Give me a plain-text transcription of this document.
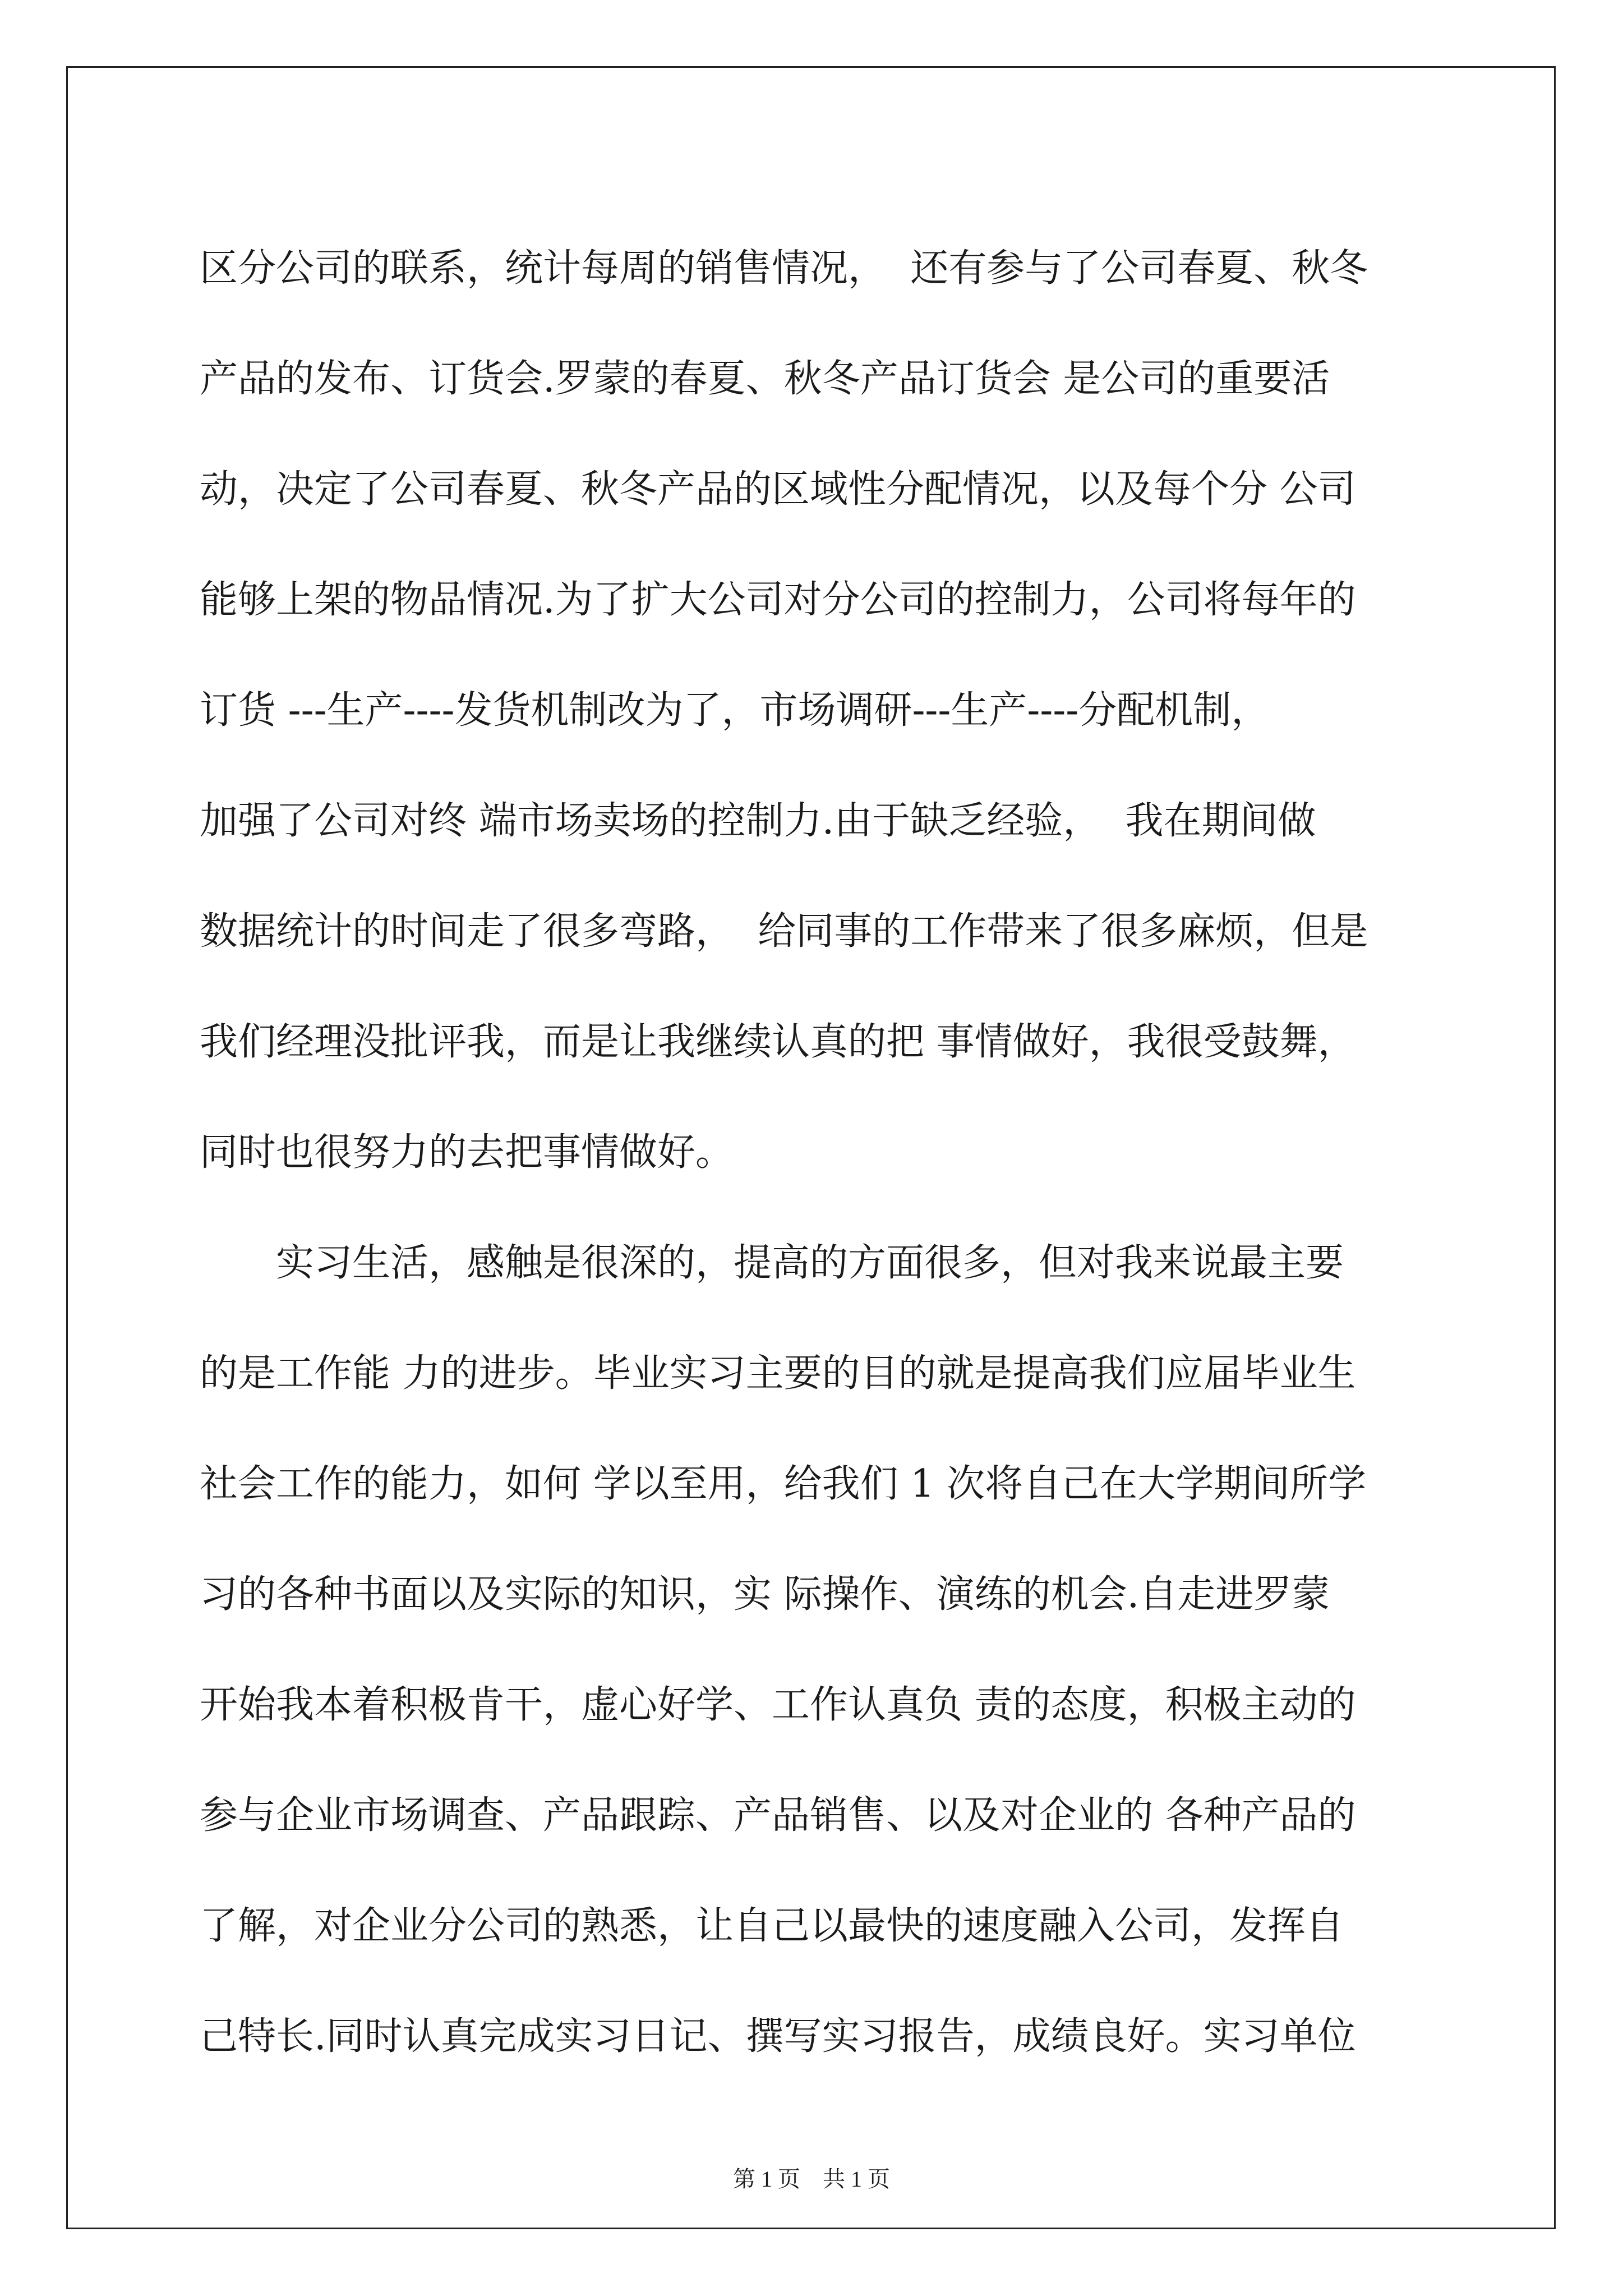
区分公司的联系，统计每周的销售情况，  还有参与了公司春夏、秋冬
产品的发布、订货会.罗蒙的春夏、秋冬产品订货会 是公司的重要活
动，决定了公司春夏、秋冬产品的区域性分配情况，以及每个分 公司
能够上架的物品情况.为了扩大公司对分公司的控制力，公司将每年的
订货 ---生产----发货机制改为了，市场调研---生产----分配机制，
加强了公司对终 端市场卖场的控制力.由于缺乏经验，  我在期间做
数据统计的时间走了很多弯路，  给同事的工作带来了很多麻烦，但是
我们经理没批评我，而是让我继续认真的把 事情做好，我很受鼓舞，
同时也很努力的去把事情做好。
实习生活，感触是很深的，提高的方面很多，但对我来说最主要
的是工作能 力的进步。毕业实习主要的目的就是提高我们应届毕业生
社会工作的能力，如何 学以至用，给我们 1 次将自己在大学期间所学
习的各种书面以及实际的知识，实 际操作、演练的机会.自走进罗蒙
开始我本着积极肯干，虚心好学、工作认真负 责的态度，积极主动的
参与企业市场调查、产品跟踪、产品销售、以及对企业的 各种产品的
了解，对企业分公司的熟悉，让自己以最快的速度融入公司，发挥自
己特长.同时认真完成实习日记、撰写实习报告，成绩良好。实习单位
第 1 页    共 1 页
